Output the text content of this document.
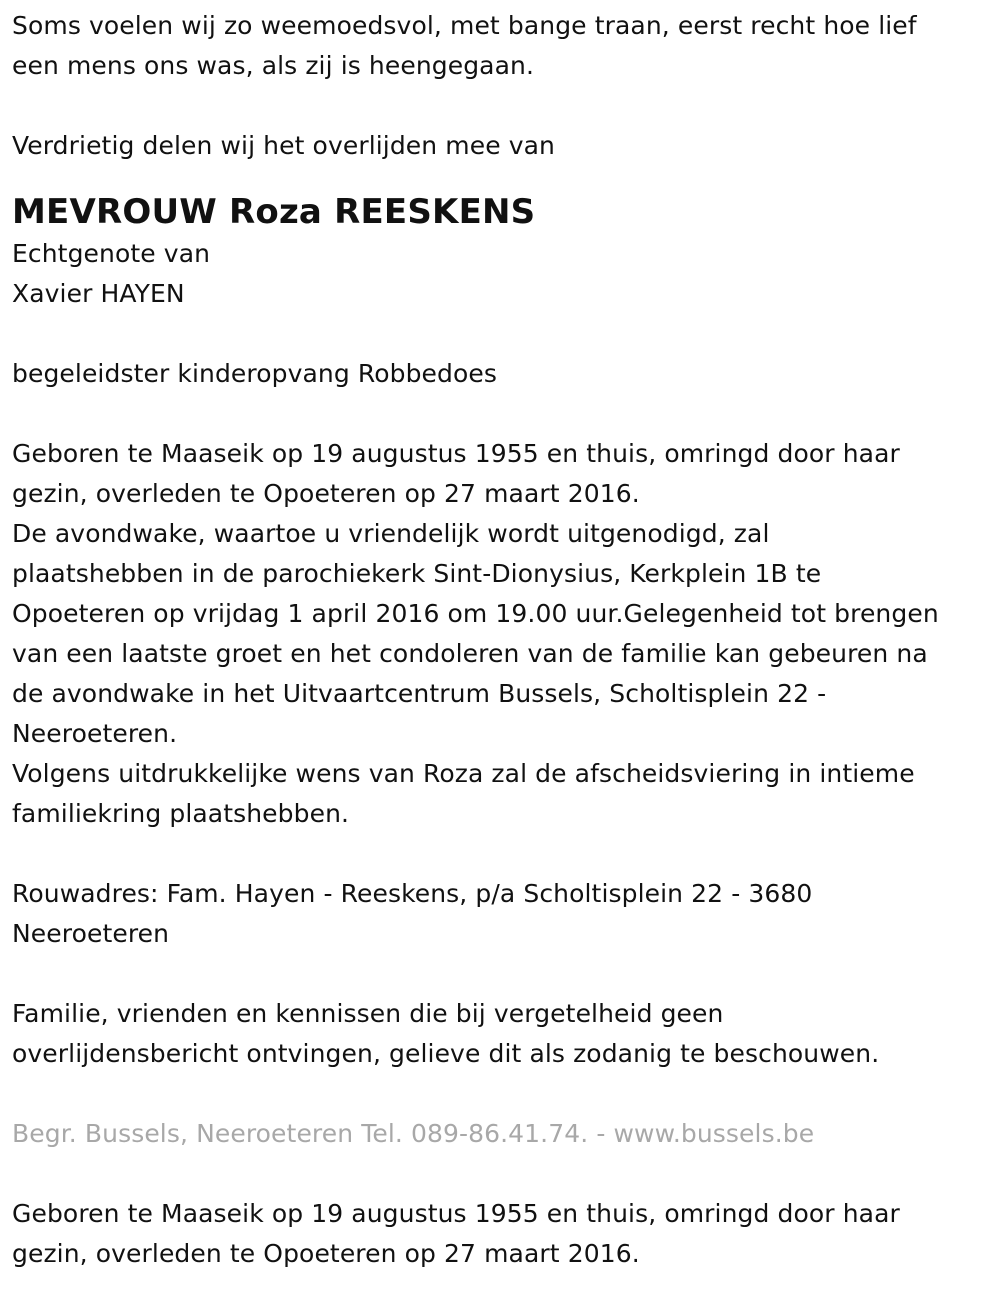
Soms voelen wij zo weemoedsvol, met bange traan, eerst recht hoe lief

een mens ons was, als zij is heengegaan.

Verdrietig delen wij het overlijden mee van

MEVROUW Roza REESKENS

Echtgenote van

Xavier HAYEN

begeleidster kinderopvang Robbedoes

Geboren te Maaseik op 19 augustus 1955 en thuis, omringd door haar

gezin, overleden te Opoeteren op 27 maart 2016.

De avondwake, waartoe u vriendelijk wordt uitgenodigd, zal

plaatshebben in de parochiekerk Sint-Dionysius, Kerkplein 1B te

Opoeteren op vrijdag 1 april 2016 om 19.00 uur.Gelegenheid tot brengen

van een laatste groet en het condoleren van de familie kan gebeuren na

de avondwake in het Uitvaartcentrum Bussels, Scholtisplein 22 -

Neeroeteren.

Volgens uitdrukkelijke wens van Roza zal de afscheidsviering in intieme

familiekring plaatshebben.

Rouwadres: Fam. Hayen - Reeskens, p/a Scholtisplein 22 - 3680

Neeroeteren

Familie, vrienden en kennissen die bij vergetelheid geen

overlijdensbericht ontvingen, gelieve dit als zodanig te beschouwen.

Begr. Bussels, Neeroeteren Tel. 089-86.41.74. - www.bussels.be

Geboren te Maaseik op 19 augustus 1955 en thuis, omringd door haar

gezin, overleden te Opoeteren op 27 maart 2016.
